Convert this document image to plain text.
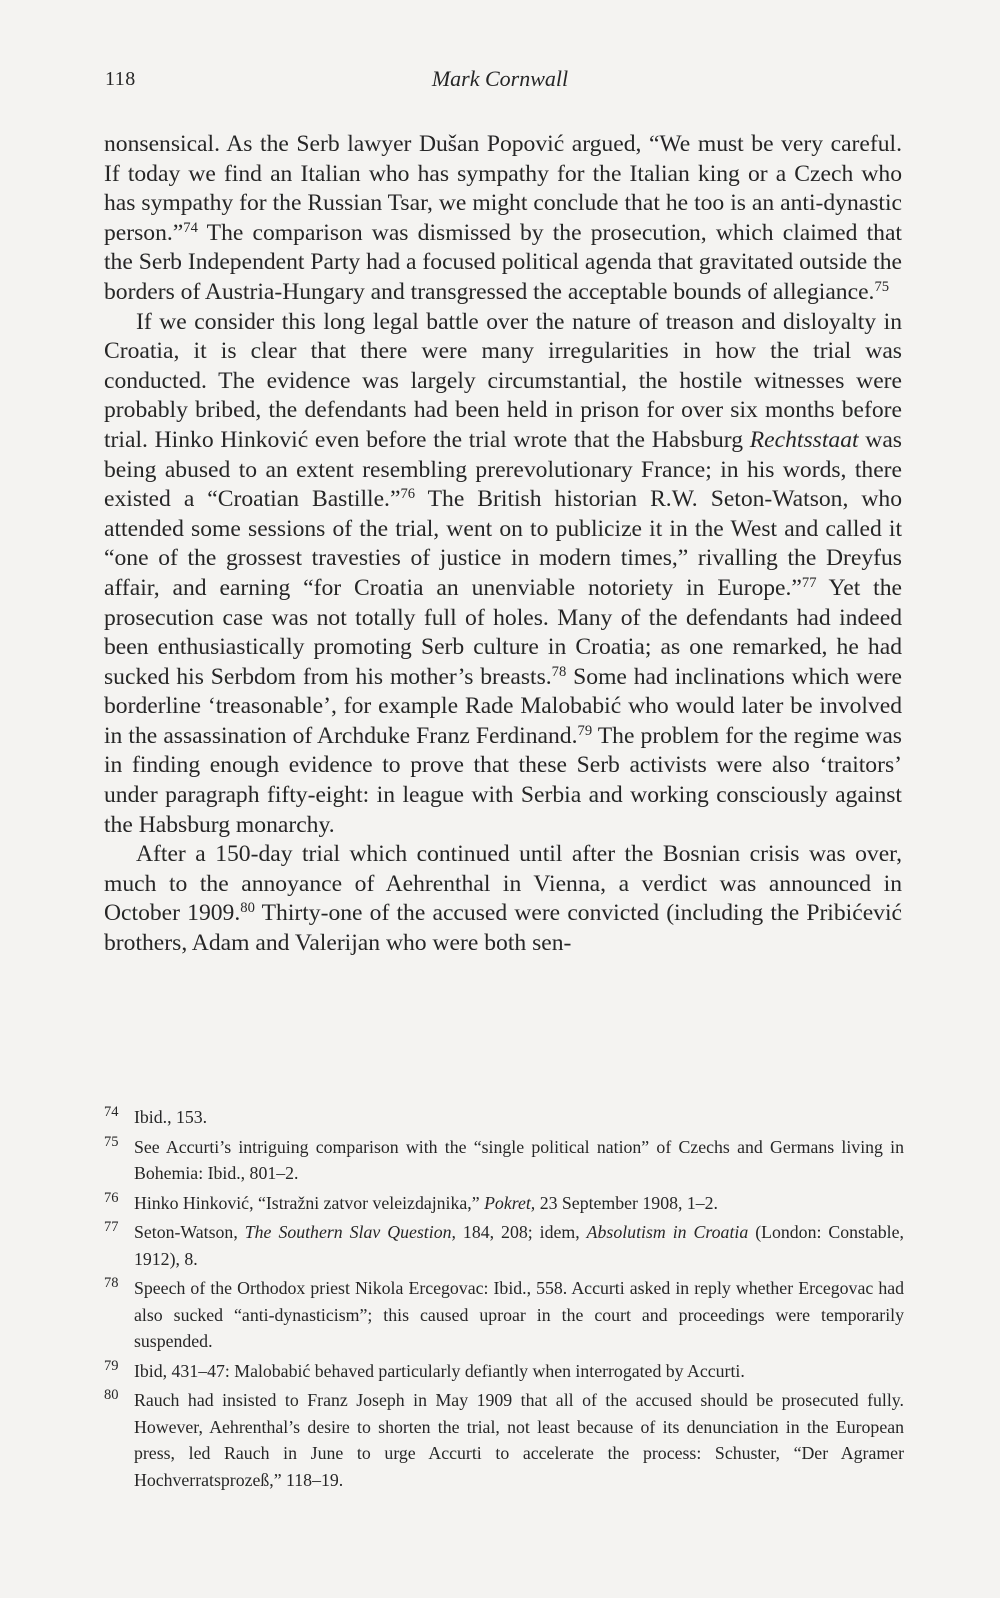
118	Mark Cornwall

nonsensical. As the Serb lawyer Dušan Popović argued, “We must be very careful. If today we find an Italian who has sympathy for the Italian king or a Czech who has sympathy for the Russian Tsar, we might conclude that he too is an anti-dynastic person.”$^{74}$ The comparison was dismissed by the prosecution, which claimed that the Serb Independent Party had a focused political agenda that gravitated outside the borders of Austria-Hungary and transgressed the acceptable bounds of allegiance.$^{75}$

If we consider this long legal battle over the nature of treason and disloyalty in Croatia, it is clear that there were many irregularities in how the trial was conducted. The evidence was largely circumstantial, the hostile witnesses were probably bribed, the defendants had been held in prison for over six months before trial. Hinko Hinković even before the trial wrote that the Habsburg Rechtsstaat was being abused to an extent resembling prerevolutionary France; in his words, there existed a “Croatian Bastille.”$^{76}$ The British historian R.W. Seton-Watson, who attended some sessions of the trial, went on to publicize it in the West and called it “one of the grossest travesties of justice in modern times,” rivalling the Dreyfus affair, and earning “for Croatia an unenviable notoriety in Europe.”$^{77}$ Yet the prosecution case was not totally full of holes. Many of the defendants had indeed been enthusiastically promoting Serb culture in Croatia; as one remarked, he had sucked his Serbdom from his mother’s breasts.$^{78}$ Some had inclinations which were borderline ‘treasonable’, for example Rade Malobabić who would later be involved in the assassination of Archduke Franz Ferdinand.$^{79}$ The problem for the regime was in finding enough evidence to prove that these Serb activists were also ‘traitors’ under paragraph fifty-eight: in league with Serbia and working consciously against the Habsburg monarchy.

After a 150-day trial which continued until after the Bosnian crisis was over, much to the annoyance of Aehrenthal in Vienna, a verdict was announced in October 1909.80 Thirty-one of the accused were convicted (including the Pribićević brothers, Adam and Valerijan who were both sen-

74 Ibid., 153.
75 See Accurti’s intriguing comparison with the “single political nation” of Czechs and Germans living in Bohemia: Ibid., 801–2.
76 Hinko Hinković, “Istražni zatvor veleizdajnika,” Pokret, 23 September 1908, 1–2.
77 Seton-Watson, The Southern Slav Question, 184, 208; idem, Absolutism in Croatia (London: Constable, 1912), 8.
78 Speech of the Orthodox priest Nikola Ercegovac: Ibid., 558. Accurti asked in reply whether Ercegovac had also sucked “anti-dynasticism”; this caused uproar in the court and proceedings were temporarily suspended.
79 Ibid, 431–47: Malobabić behaved particularly defiantly when interrogated by Accurti.
80 Rauch had insisted to Franz Joseph in May 1909 that all of the accused should be prosecuted fully. However, Aehrenthal’s desire to shorten the trial, not least because of its denunciation in the European press, led Rauch in June to urge Accurti to accelerate the process: Schuster, “Der Agramer Hochverratsprozeß,” 118–19.
